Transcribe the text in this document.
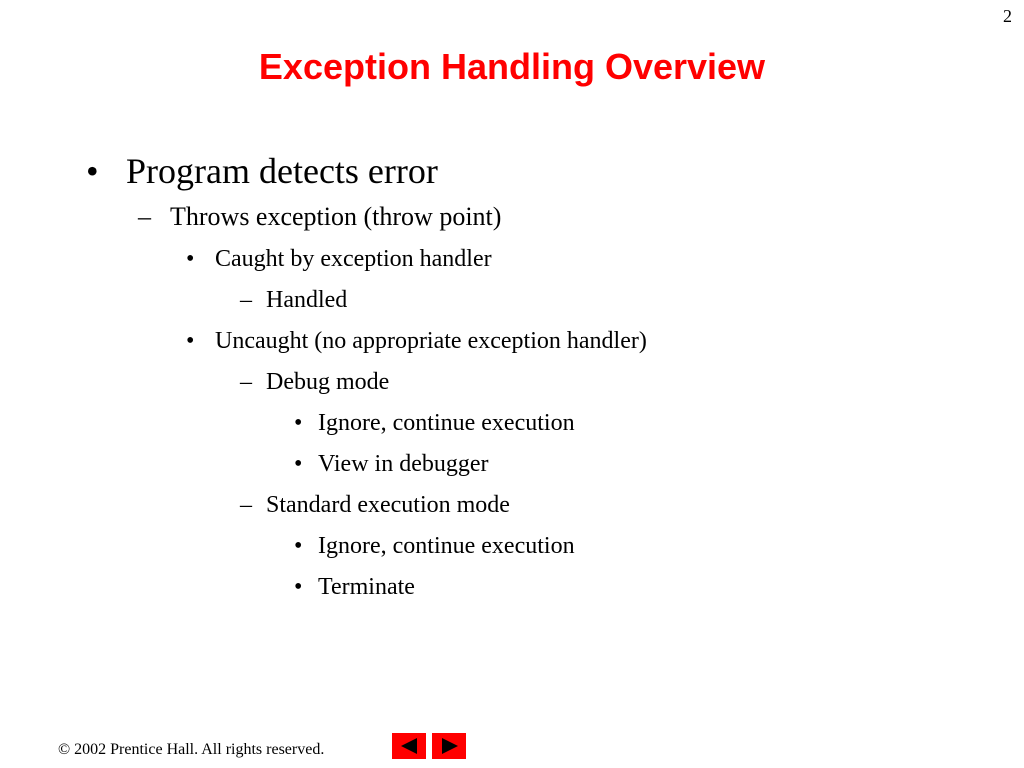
2
Exception Handling Overview
• Program detects error
– Throws exception (throw point)
• Caught by exception handler
– Handled
• Uncaught (no appropriate exception handler)
– Debug mode
• Ignore, continue execution
• View in debugger
– Standard execution mode
• Ignore, continue execution
• Terminate
© 2002 Prentice Hall. All rights reserved.
